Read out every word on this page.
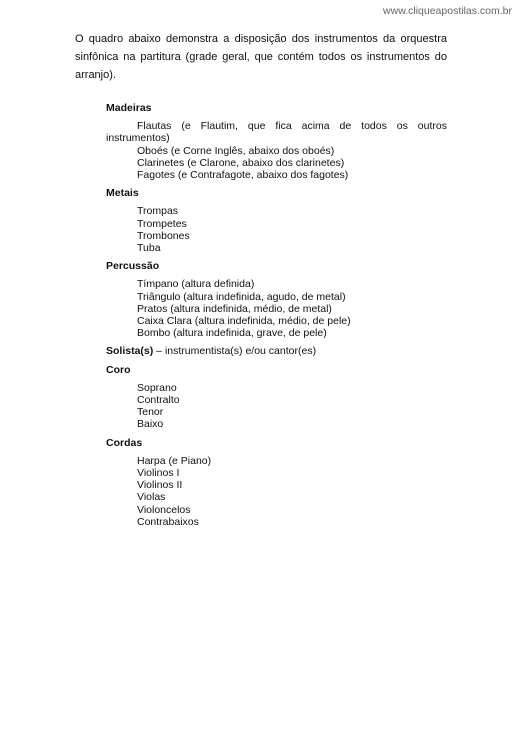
www.cliqueapostilas.com.br

O quadro abaixo demonstra a disposição dos instrumentos da orquestra sinfônica na partitura (grade geral, que contém todos os instrumentos do arranjo).

Madeiras

Flautas (e Flautim, que fica acima de todos os outros instrumentos)
Oboés (e Corne Inglês, abaixo dos oboés)
Clarinetes (e Clarone, abaixo dos clarinetes)
Fagotes (e Contrafagote, abaixo dos fagotes)

Metais

Trompas
Trompetes
Trombones
Tuba

Percussão

Tímpano (altura definida)
Triângulo (altura indefinida, agudo, de metal)
Pratos (altura indefinida, médio, de metal)
Caixa Clara (altura indefinida, médio, de pele)
Bombo (altura indefinida, grave, de pele)

Solista(s) – instrumentista(s) e/ou cantor(es)

Coro

Soprano
Contralto
Tenor
Baixo

Cordas

Harpa (e Piano)
Violinos I
Violinos II
Violas
Violoncelos
Contrabaixos
